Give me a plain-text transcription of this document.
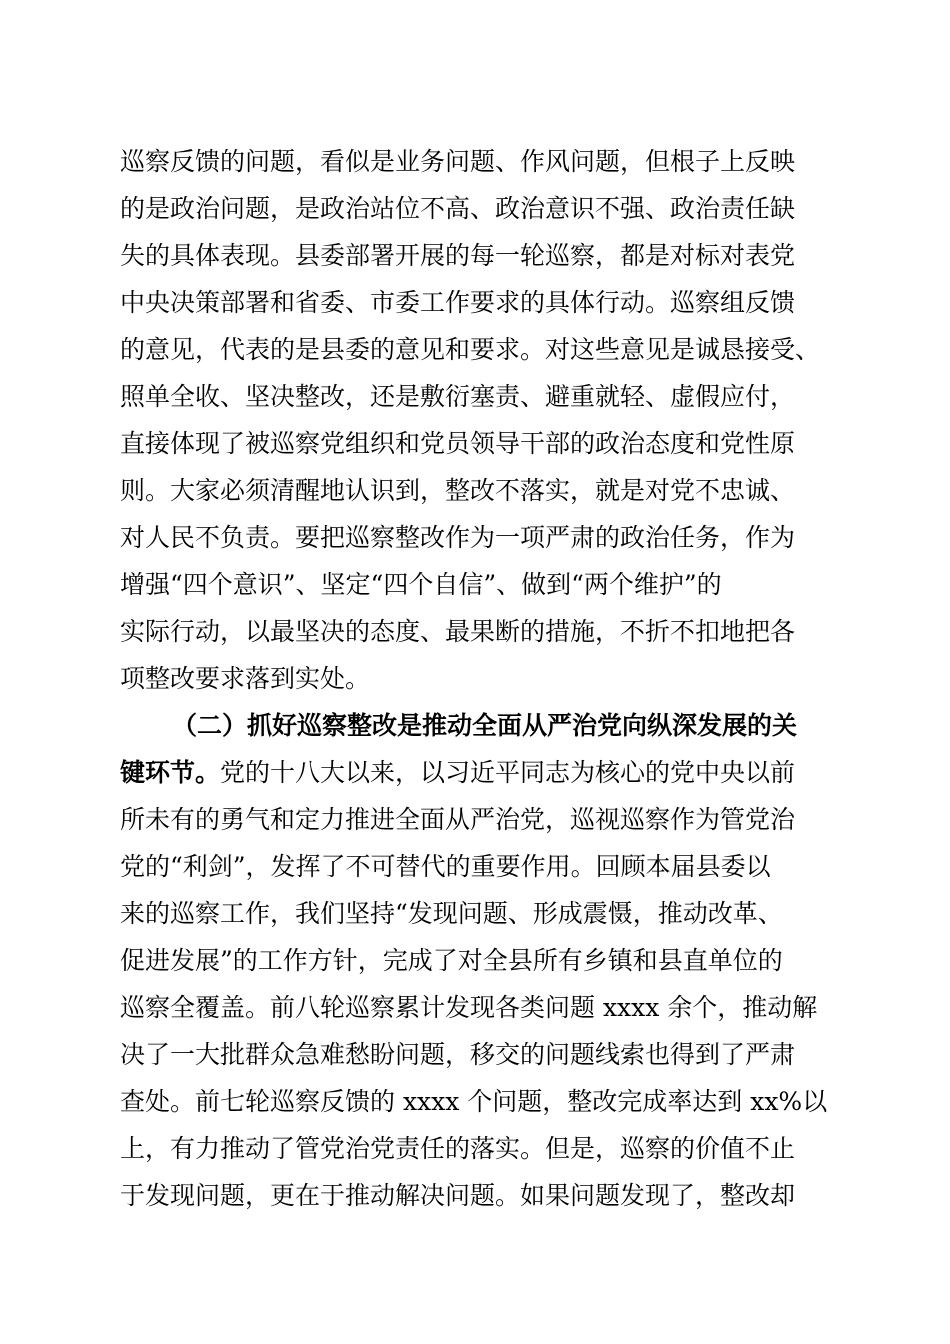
巡察反馈的问题，看似是业务问题、作风问题，但根子上反映
的是政治问题，是政治站位不高、政治意识不强、政治责任缺
失的具体表现。县委部署开展的每一轮巡察，都是对标对表党
中央决策部署和省委、市委工作要求的具体行动。巡察组反馈
的意见，代表的是县委的意见和要求。对这些意见是诚恳接受、
照单全收、坚决整改，还是敷衍塞责、避重就轻、虚假应付，
直接体现了被巡察党组织和党员领导干部的政治态度和党性原
则。大家必须清醒地认识到，整改不落实，就是对党不忠诚、
对人民不负责。要把巡察整改作为一项严肃的政治任务，作为
增强“四个意识”、坚定“四个自信”、做到“两个维护”的
实际行动，以最坚决的态度、最果断的措施，不折不扣地把各
项整改要求落到实处。
（二）抓好巡察整改是推动全面从严治党向纵深发展的关
键环节。党的十八大以来，以习近平同志为核心的党中央以前
所未有的勇气和定力推进全面从严治党，巡视巡察作为管党治
党的“利剑”，发挥了不可替代的重要作用。回顾本届县委以
来的巡察工作，我们坚持“发现问题、形成震慑，推动改革、
促进发展”的工作方针，完成了对全县所有乡镇和县直单位的
巡察全覆盖。前八轮巡察累计发现各类问题 xxxx 余个，推动解
决了一大批群众急难愁盼问题，移交的问题线索也得到了严肃
查处。前七轮巡察反馈的 xxxx 个问题，整改完成率达到 xx%以
上，有力推动了管党治党责任的落实。但是，巡察的价值不止
于发现问题，更在于推动解决问题。如果问题发现了，整改却
